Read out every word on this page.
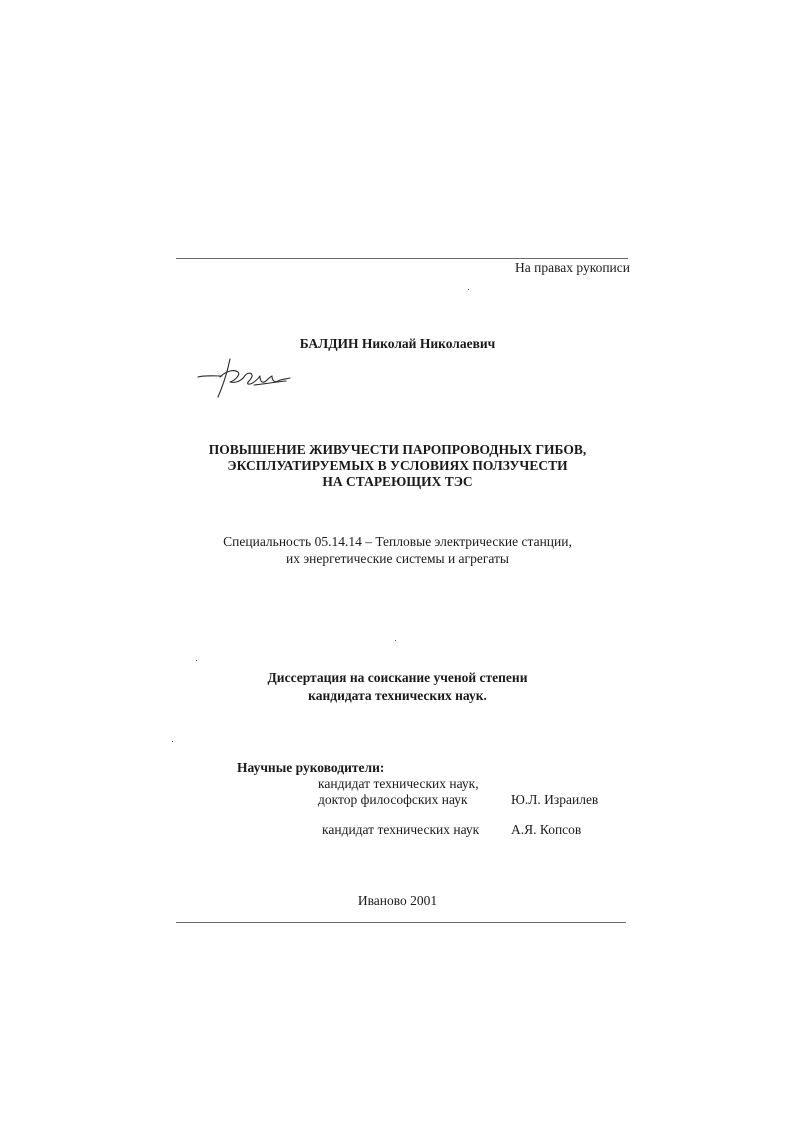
На правах рукописи
БАЛДИН Николай Николаевич
ПОВЫШЕНИЕ ЖИВУЧЕСТИ ПАРОПРОВОДНЫХ ГИБОВ,
ЭКСПЛУАТИРУЕМЫХ В УСЛОВИЯХ ПОЛЗУЧЕСТИ
НА СТАРЕЮЩИХ ТЭС
Специальность 05.14.14 – Тепловые электрические станции,
их энергетические системы и агрегаты
Диссертация на соискание ученой степени
кандидата технических наук.
Научные руководители:
кандидат технических наук,
доктор философских наук	Ю.Л. Израилев
кандидат технических наук А.Я. Копсов
Иваново 2001
